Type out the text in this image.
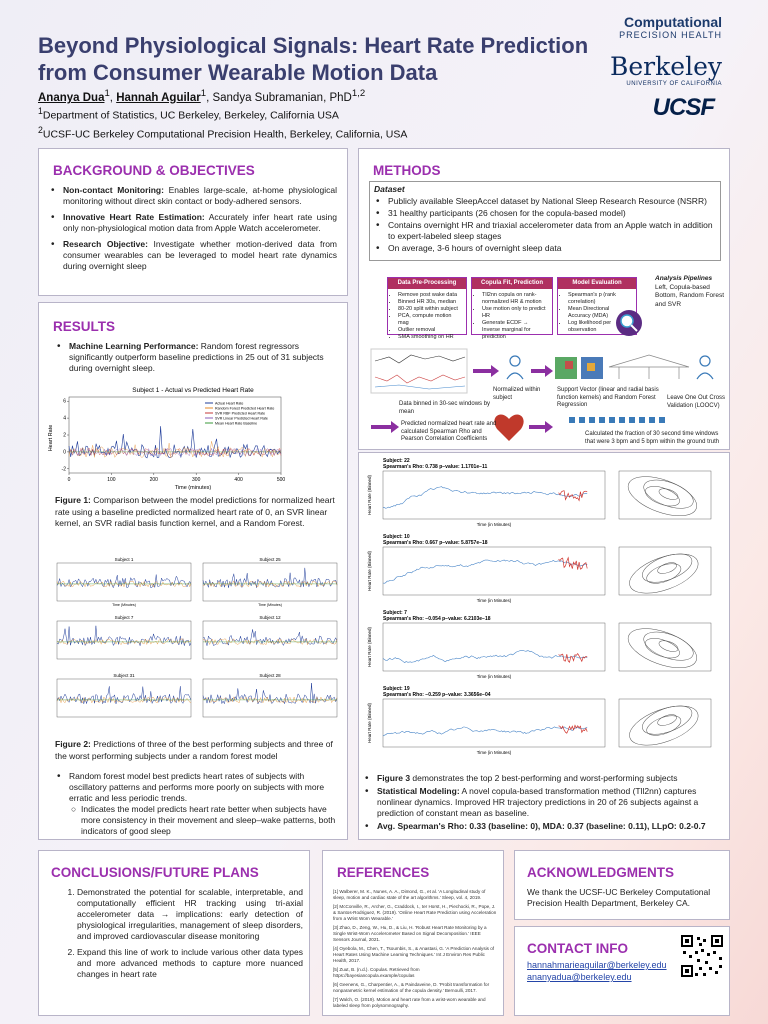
Beyond Physiological Signals: Heart Rate Prediction from Consumer Wearable Motion Data
Ananya Dua$^1$, Hannah Aguilar$^1$, Sandya Subramanian, PhD$^{1,2}$
$^1$Department of Statistics, UC Berkeley, Berkeley, California USA
$^2$UCSF-UC Berkeley Computational Precision Health, Berkeley, California, USA
Computational
PRECISION HEALTH
Berkeley
UNIVERSITY OF CALIFORNIA
UCSF
BACKGROUND & OBJECTIVES
• Non-contact Monitoring: Enables large-scale, at-home physiological monitoring without direct skin contact or body-adhered sensors.
• Innovative Heart Rate Estimation: Accurately infer heart rate using only non-physiological motion data from Apple Watch accelerometer.
• Research Objective: Investigate whether motion-derived data from consumer wearables can be leveraged to model heart rate dynamics during overnight sleep
RESULTS
• Machine Learning Performance: Random forest regressors significantly outperform baseline predictions in 25 out of 31 subjects during overnight sleep.
Subject 1 - Actual vs Predicted Heart Rate
Time (minutes)
Heart Rate
0	100	200	300	400	500
-2
0
2
4
6	Actual Heart Rate
Random Forest Predicted Heart Rate
SVR RBF Predicted Heart Rate
SVR Linear Predicted Heart Rate
Mean Heart Rate Baseline
Figure 1: Comparison between the model predictions for normalized heart rate using a baseline predicted normalized heart rate of 0, an SVR linear kernel, an SVR radial basis function kernel, and a Random Forest.
Subject 1
Time (Minutes)
Subject 25
Time (Minutes)
Subject 7	Subject 12
Subject 31	Subject 28
Figure 2: Predictions of three of the best performing subjects and three of the worst performing subjects under a random forest model
• Random forest model best predicts heart rates of subjects with oscillatory patterns and performs more poorly on subjects with more erratic and less periodic trends.
○ Indicates the model predicts heart rate better when subjects have more consistency in their movement and sleep–wake patterns, both indicators of good sleep
METHODS
Dataset
• Publicly available SleepAccel dataset by National Sleep Research Resource (NSRR)
• 31 healthy participants (26 chosen for the copula-based model)
• Contains overnight HR and triaxial accelerometer data from an Apple watch in addition to expert-labeled sleep stages
• On average, 3-6 hours of overnight sleep data
Data Pre-Processing
• Remove post wake data
• Binned HR 30s, median
• 80-20 split within subject
• PCA, compute motion mag
• Outlier removal
• SMA smoothing on HR
Copula Fit, Prediction
• Tll2nn copula on rank-normalized HR & motion
• Use motion only to predict HR
• Generate ECDF → Inverse marginal for prediction
Model Evaluation
• Spearman's p (rank correlation)
• Mean Directional Accuracy (MDA)
• Log likelihood per observation
Analysis Pipelines
Left, Copula-based Bottom, Random Forest and SVR
Data binned in 30-sec windows by mean
Normalized within subject
Support Vector (linear and radial basis function kernels) and Random Forest Regression
Leave One Out Cross Validation (LOOCV)
Predicted normalized heart rate and calculated Spearman Rho and Pearson Correlation Coefficients
Calculated the fraction of 30 second time windows that were 3 bpm and 5 bpm within the ground truth
Subject: 22
Spearman's Rho: 0.738 p−value: 1.1701e−11
Heart Rate (Binned)
Time (in Minutes)
Subject: 10
Spearman's Rho: 0.667 p−value: 5.8757e−18
Heart Rate (Binned)
Time (in Minutes)
Subject: 7
Spearman's Rho: −0.054 p−value: 6.2103e−18
Heart Rate (Binned)
Time (in Minutes)
Subject: 19
Spearman's Rho: −0.259 p−value: 3.3656e−04
Heart Rate (Binned)
Time (in Minutes)
• Figure 3 demonstrates the top 2 best-performing and worst-performing subjects
• Statistical Modeling: A novel copula-based transformation method (Tll2nn) captures nonlinear dynamics. Improved HR trajectory predictions in 20 of 26 subjects against a prediction of constant mean as baseline.
• Avg. Spearman's Rho: 0.33 (baseline: 0), MDA: 0.37 (baseline: 0.11), LLpO: 0.2-0.7
CONCLUSIONS/FUTURE PLANS
1. Demonstrated the potential for scalable, interpretable, and computationally efficient HR tracking using tri-axial accelerometer data → implications: early detection of physiological irregularities, management of sleep disorders, and improved cardiovascular disease monitoring
2. Expand this line of work to include various other data types and more advanced methods to capture more nuanced changes in heart rate
REFERENCES
[1] Walberer, M. K., Nunes, A. A., Dimond, G., et al. 'A Longitudinal study of sleep, motion and cardiac state of the art algorithms.' Sleep, vol. 4, 2019.
[2] McConville, R., Archer, G., Craddock, I., ter Horst, H., Piechocki, R., Pope, J. & Santos-Rodriguez, R. (2019). 'Online Heart Rate Prediction using Acceleration from a Wrist Worn Wearable.'
[3] Zhao, D., Zeng, W., Hu, D., & Liu, H. 'Robust Heart Rate Monitoring by a Single Wrist-Worn Accelerometer Based on Signal Decomposition.' IEEE Sensors Journal, 2021.
[4] Oyebola, M., Chen, T., Tsoumbis, S., & Anastasi, G. 'A Prediction Analysis of Heart Rates Using Machine Learning Techniques.' Int J Environ Res Public Health, 2017.
[5] Zuut, B. (n.d.). Copulas. Retrieved from https://bayesiancopula.example/copulas
[6] Geenens, G., Charpentier, A., & Paindaveine, D. 'Probit transformation for nonparametric kernel estimation of the copula density.' Bernoulli, 2017.
[7] Walch, O. (2019). Motion and heart rate from a wrist-worn wearable and labeled sleep from polysomnography.
ACKNOWLEDGMENTS
We thank the UCSF-UC Berkeley Computational Precision Health Department, Berkeley CA.
CONTACT INFO
hannahmarieaguilar@berkeley.edu
ananyadua@berkeley.edu
